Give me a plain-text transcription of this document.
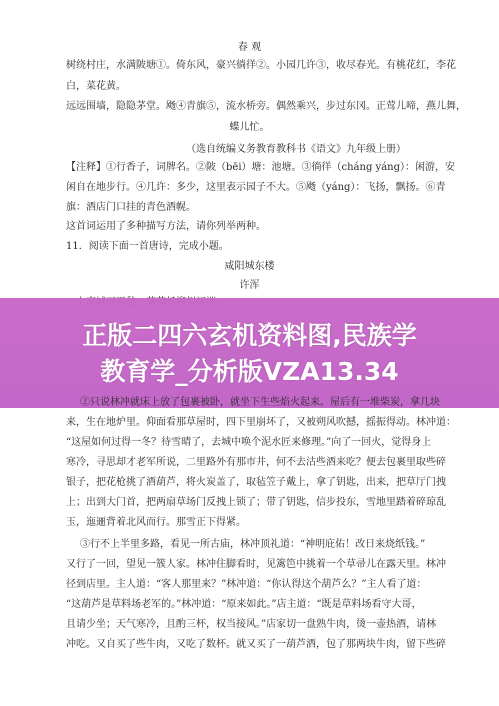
春 观
树绕村庄，水满陂塘①。倚东风，豪兴徜徉②。小园几许③，收尽春光。有桃花红，李花
白，菜花黄。
远远围墙，隐隐茅堂。飏④青旗⑤，流水桥旁。偶然乘兴，步过东冈。正莺儿啼，燕儿舞，
蝶儿忙。
（选自统编义务教育教科书《语文》九年级上册）
【注释】①行香子，词牌名。②陂（bēi）塘：池塘。③徜徉（cháng yáng）：闲游，安
闲自在地步行。④几许：多少，这里表示园子不大。⑤飏（yáng）：飞扬，飘扬。⑥青
旗：酒店门口挂的青色酒幌。
这首词运用了多种描写方法，请你列举两种。
11．阅读下面一首唐诗，完成小题。
咸阳城东楼
许浑
正版二四六玄机资料图,民族学
教育学_分析版VZA13.34
②只说林冲就床上放了包裹被卧，就坐下生些焰火起来。屋后有一堆柴炭，拿几块
来，生在地炉里。仰面看那草屋时，四下里崩坏了，又被朔风吹撼，摇振得动。林冲道：
“这屋如何过得一冬？待雪晴了，去城中唤个泥水匠来修理。”向了一回火，觉得身上
寒冷，寻思却才老军所说，二里路外有那市井，何不去沽些酒来吃？便去包裹里取些碎
银子，把花枪挑了酒葫芦，将火炭盖了，取毡笠子戴上，拿了钥匙，出来，把草厅门拽
上；出到大门首，把两扇草场门反拽上锁了；带了钥匙，信步投东，雪地里踏着碎琼乱
玉，迤逦背着北风而行。那雪正下得紧。
③行不上半里多路，看见一所古庙，林冲顶礼道：“神明庇佑！改日来烧纸钱。”
又行了一回，望见一簇人家。林冲住脚看时，见篱笆中挑着一个草帚儿在露天里。林冲
径到店里。主人道：“客人那里来？”林冲道：“你认得这个葫芦么？”主人看了道：
“这葫芦是草料场老军的。”林冲道：“原来如此。”店主道：“既是草料场看守大哥，
且请少坐；天气寒冷，且酌三杯，权当接风。”店家切一盘熟牛肉，烫一壶热酒，请林
冲吃。又自买了些牛肉，又吃了数杯。就又买了一葫芦酒，包了那两块牛肉，留下些碎
